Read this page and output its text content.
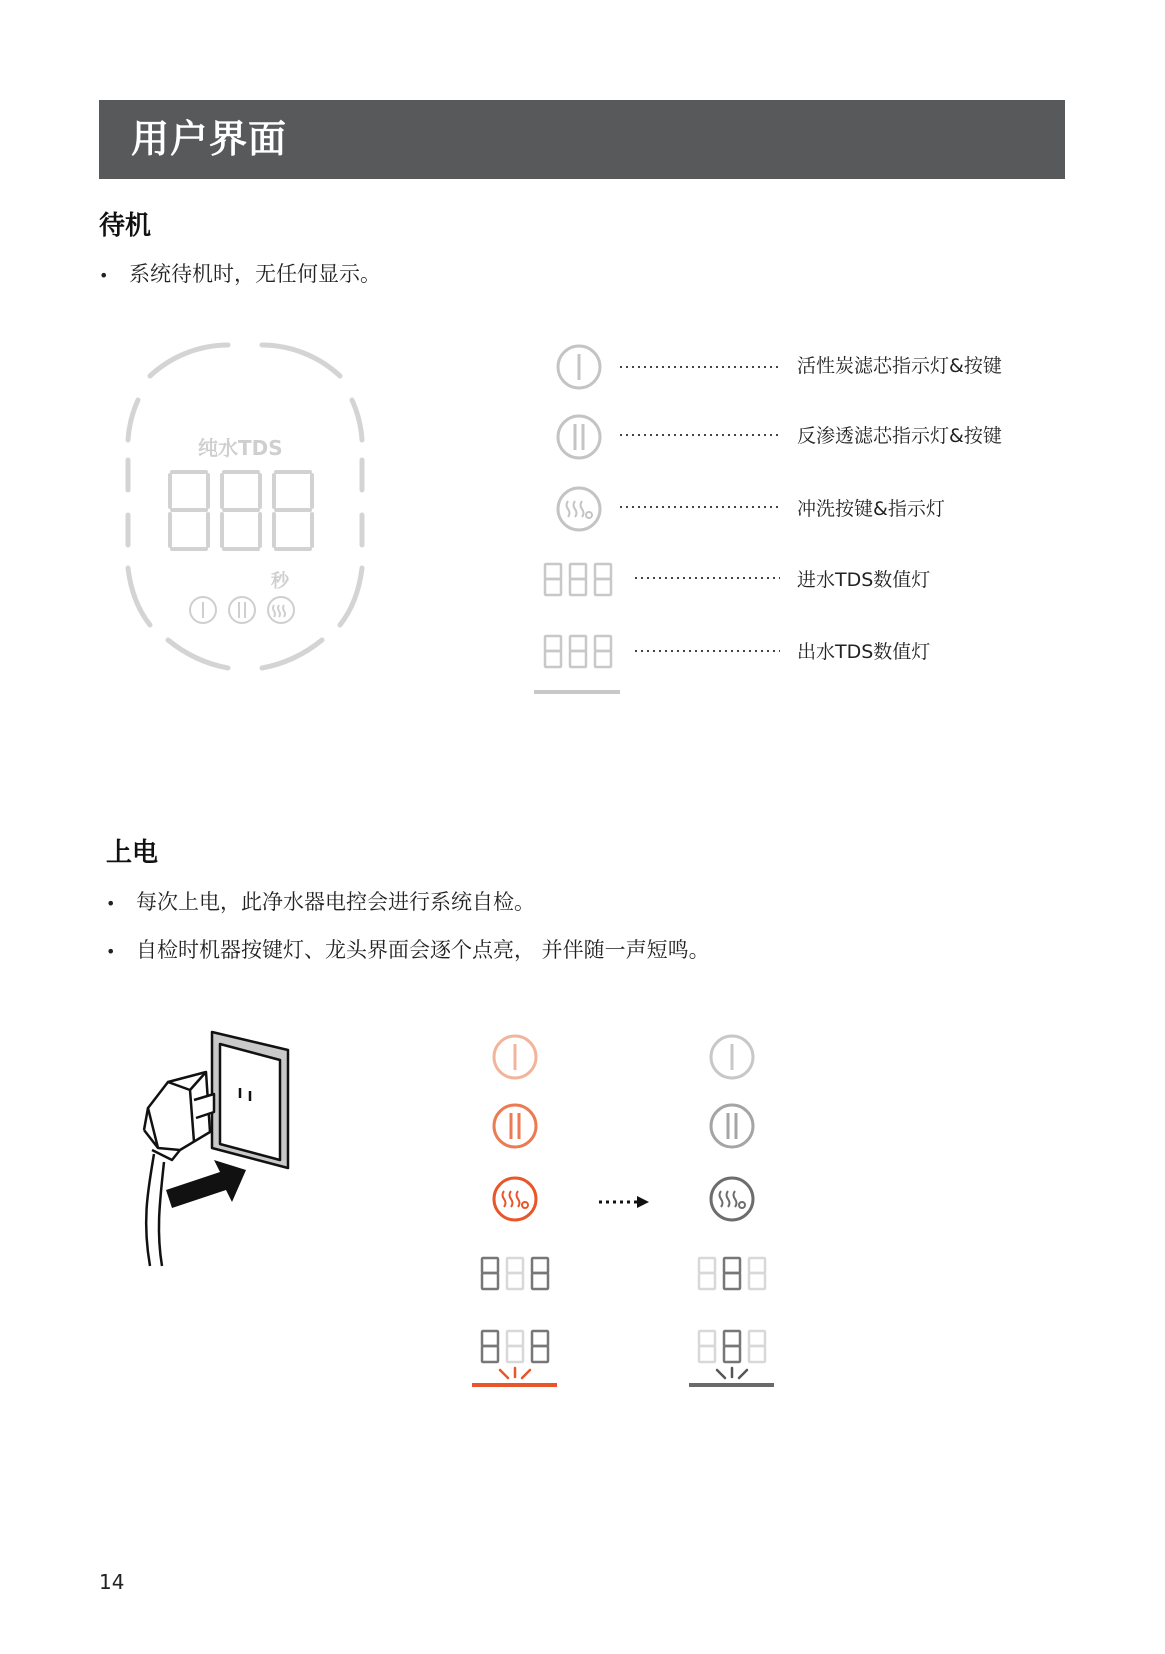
用户界面
待机
• 系统待机时，无任何显示。
纯水TDS
秒
活性炭滤芯指示灯&按键
反渗透滤芯指示灯&按键
冲洗按键&指示灯
进水TDS数值灯
出水TDS数值灯
上电
• 每次上电，此净水器电控会进行系统自检。
• 自检时机器按键灯、龙头界面会逐个点亮， 并伴随一声短鸣。
14
